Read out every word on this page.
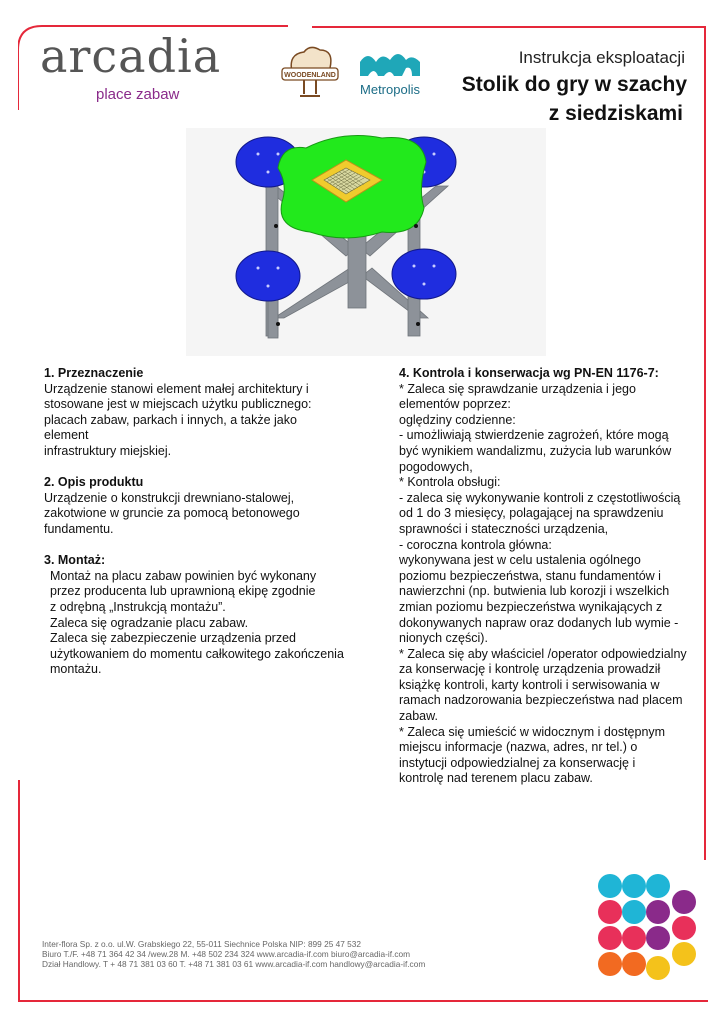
arcadia
place zabaw
WOODENLAND
Metropolis
Instrukcja eksploatacji
Stolik do gry w szachy
z siedziskami
1. Przeznaczenie
Urządzenie stanowi element małej architektury i
stosowane jest w miejscach użytku publicznego:
placach zabaw, parkach i innych, a także jako element
infrastruktury miejskiej.
2. Opis produktu
Urządzenie o konstrukcji drewniano-stalowej,
zakotwione w gruncie za pomocą betonowego
fundamentu.
3. Montaż:
Montaż na placu zabaw powinien być wykonany
przez producenta lub uprawnioną ekipę zgodnie
z odrębną „Instrukcją montażu”.
Zaleca się ogradzanie placu zabaw.
Zaleca się zabezpieczenie urządzenia przed
użytkowaniem do momentu całkowitego zakończenia
montażu.
4. Kontrola i konserwacja wg PN-EN 1176-7:
* Zaleca się sprawdzanie urządzenia i jego
elementów poprzez:
oględziny codzienne:
- umożliwiają stwierdzenie zagrożeń, które mogą
być wynikiem wandalizmu, zużycia lub warunków
pogodowych,
* Kontrola obsługi:
- zaleca się wykonywanie kontroli z częstotliwością
od 1 do 3 miesięcy, polagającej na sprawdzeniu
sprawności i stateczności urządzenia,
- coroczna kontrola główna:
wykonywana jest w celu ustalenia ogólnego
poziomu bezpieczeństwa, stanu fundamentów i
nawierzchni (np. butwienia lub korozji i wszelkich
zmian poziomu bezpieczeństwa wynikających z
dokonywanych napraw oraz dodanych lub wymie -
nionych części).
* Zaleca się aby właściciel /operator odpowiedzialny
za konserwację i kontrolę urządzenia prowadził
książkę kontroli, karty kontroli i serwisowania w
ramach nadzorowania bezpieczeństwa nad placem
zabaw.
* Zaleca się umieścić w widocznym i dostępnym
miejscu informacje (nazwa, adres, nr tel.) o
instytucji odpowiedzialnej za konserwację i
kontrolę nad terenem placu zabaw.
Inter-flora Sp. z o.o. ul.W. Grabskiego 22, 55-011 Siechnice Polska NIP: 899 25 47 532
Biuro T./F. +48 71 364 42 34 /wew.28 M. +48 502 234 324 www.arcadia-if.com biuro@arcadia-if.com
Dział Handlowy. T + 48 71 381 03 60 T. +48 71 381 03 61 www.arcadia-if.com handlowy@arcadia-if.com
